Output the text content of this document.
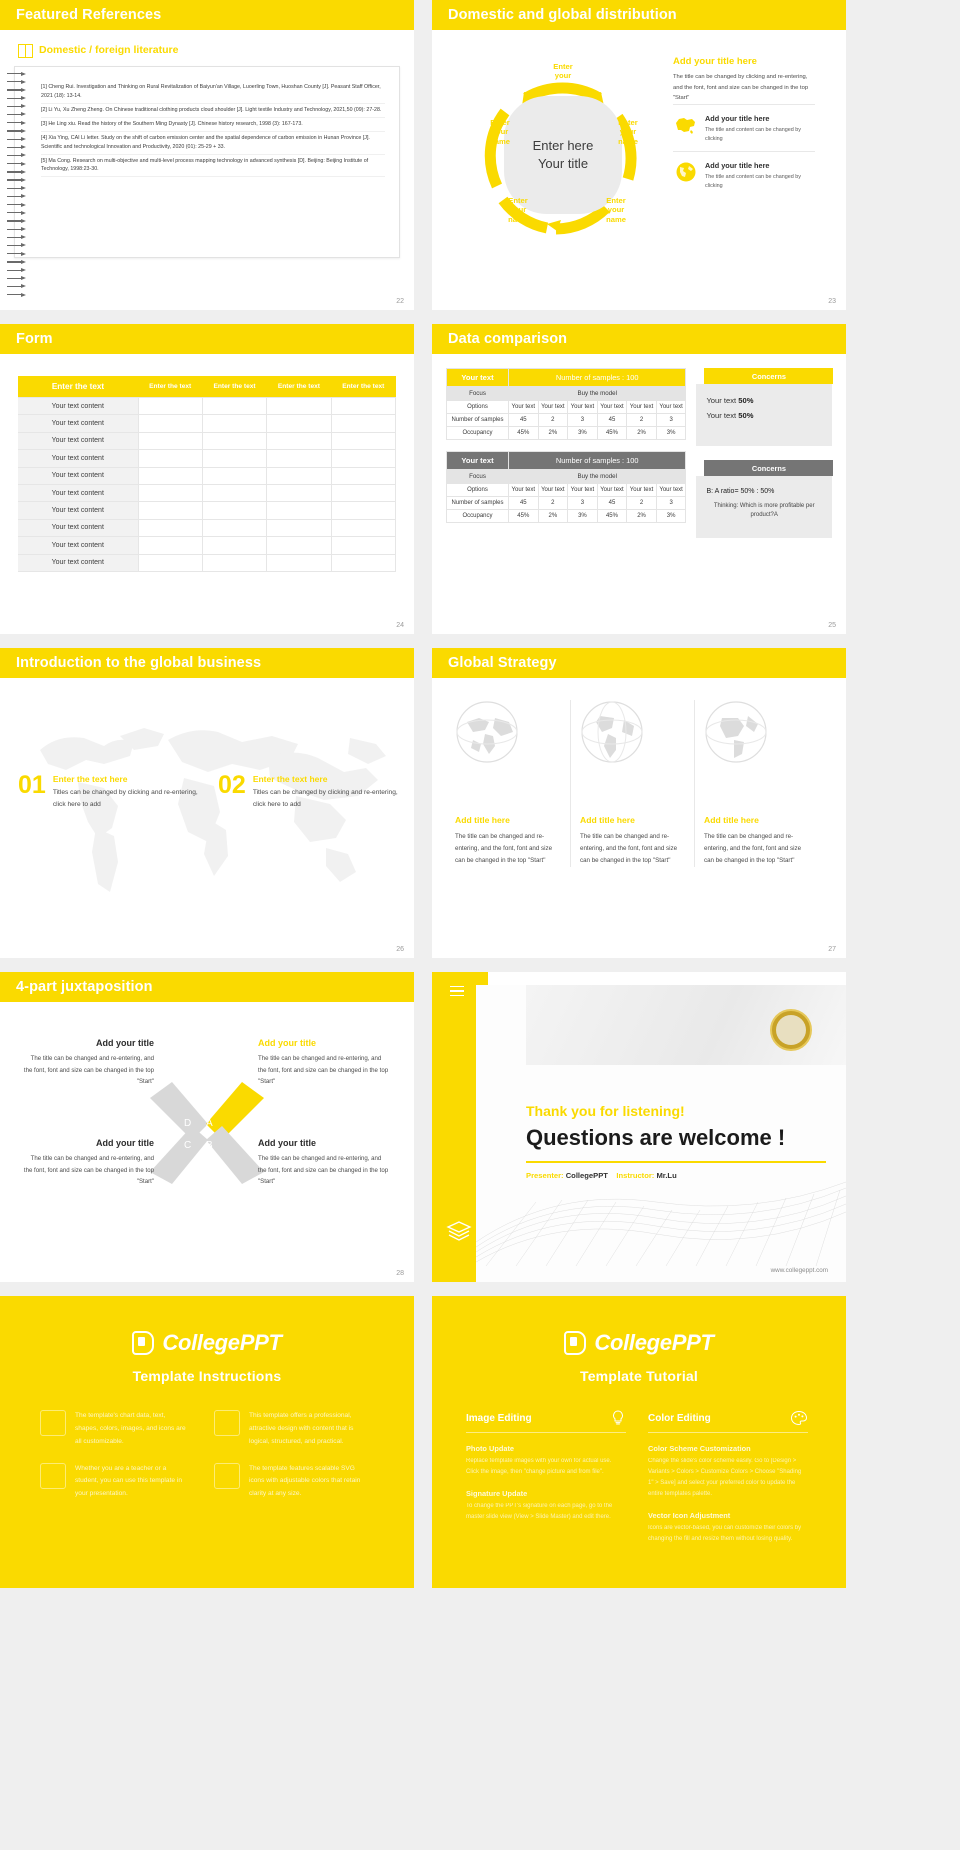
Featured References
Domestic / foreign literature

[1] Cheng Rui. Investigation and Thinking on Rural Revitalization of Baiyun'an Village, Luoerling Town, Huoshan County [J]. Peasant Staff Officer, 2021 (18): 13-14.

[2] Li Yu, Xu Zheng Zheng. On Chinese traditional clothing products cloud shoulder [J]. Light textile Industry and Technology, 2021,50 (09): 27-28.

[3] He Ling xiu. Read the history of the Southern Ming Dynasty [J]. Chinese history research, 1998 (3): 167-173.

[4] Xia Ying, CAI Li letter. Study on the shift of carbon emission center and the spatial dependence of carbon emission in Hunan Province [J]. Scientific and technological Innovation and Productivity, 2020 (01): 25-29 + 33.

[5] Ma Cong. Research on multi-objective and multi-level process mapping technology in advanced synthesis [D]. Beijing: Beijing Institute of Technology, 1998:23-30.

22
Domestic and global distribution
Enter here
Your title
Enter
your
name
Enter
your
name
Enter
your
name
Enter
your
name
Enter
your
name
Add your title here
The title can be changed by clicking and re-entering, and the font, font and size can be changed in the top "Start"
Add your title here
The title and content can be changed by clicking
Add your title here
The title and content can be changed by clicking
23
Form
Enter the text	Enter the text	Enter the text	Enter the text	Enter the text
Your text content				
Your text content				
Your text content				
Your text content				
Your text content				
Your text content				
Your text content				
Your text content				
Your text content				
Your text content				
24
Data comparison
Your text	Number of samples : 100					
Focus	Buy the model					
Options	Your text	Your text	Your text	Your text	Your text	Your text
Number of samples	45	2	3	45	2	3
Occupancy	45%	2%	3%	45%	2%	3%
Your text	Number of samples : 100					
Focus	Buy the model					
Options	Your text	Your text	Your text	Your text	Your text	Your text
Number of samples	45	2	3	45	2	3
Occupancy	45%	2%	3%	45%	2%	3%
Concerns
Your text 50%
Your text 50%
Concerns
B: A ratio= 50% : 50%
Thinking: Which is more profitable per product?A
25
Introduction to the global business
01 Enter the text here
Titles can be changed by clicking and re-entering, click here to add
02 Enter the text here
Titles can be changed by clicking and re-entering, click here to add
26
Global Strategy
Add title here
The title can be changed and re-entering, and the font, font and size can be changed in the top "Start"
Add title here
The title can be changed and re-entering, and the font, font and size can be changed in the top "Start"
Add title here
The title can be changed and re-entering, and the font, font and size can be changed in the top "Start"
27
4-part juxtaposition
D A
C B
Add your title
The title can be changed and re-entering, and the font, font and size can be changed in the top "Start"
Add your title
The title can be changed and re-entering, and the font, font and size can be changed in the top "Start"
Add your title
The title can be changed and re-entering, and the font, font and size can be changed in the top "Start"
Add your title
The title can be changed and re-entering, and the font, font and size can be changed in the top "Start"
28
Thank you for listening!
Questions are welcome !
Presenter: CollegePPT Instructor: Mr.Lu
www.collegeppt.com
CollegePPT
Template Instructions
The template's chart data, text, shapes, colors, images, and icons are all customizable.
This template offers a professional, attractive design with content that is logical, structured, and practical.
Whether you are a teacher or a student, you can use this template in your presentation.
The template features scalable SVG icons with adjustable colors that retain clarity at any size.
CollegePPT
Template Tutorial
Image Editing
Photo Update
Replace template images with your own for actual use. Click the image, then "change picture and from file".
Signature Update
To change the PPT's signature on each page, go to the master slide view (View > Slide Master) and edit there.
Color Editing
Color Scheme Customization
Change the slide's color scheme easily. Go to [Design > Variants > Colors > Customize Colors > Choose "Shading 1" > Save] and select your preferred color to update the entire templates palette.
Vector Icon Adjustment
Icons are vector-based, you can customize their colors by changing the fill and resize them without losing quality.
